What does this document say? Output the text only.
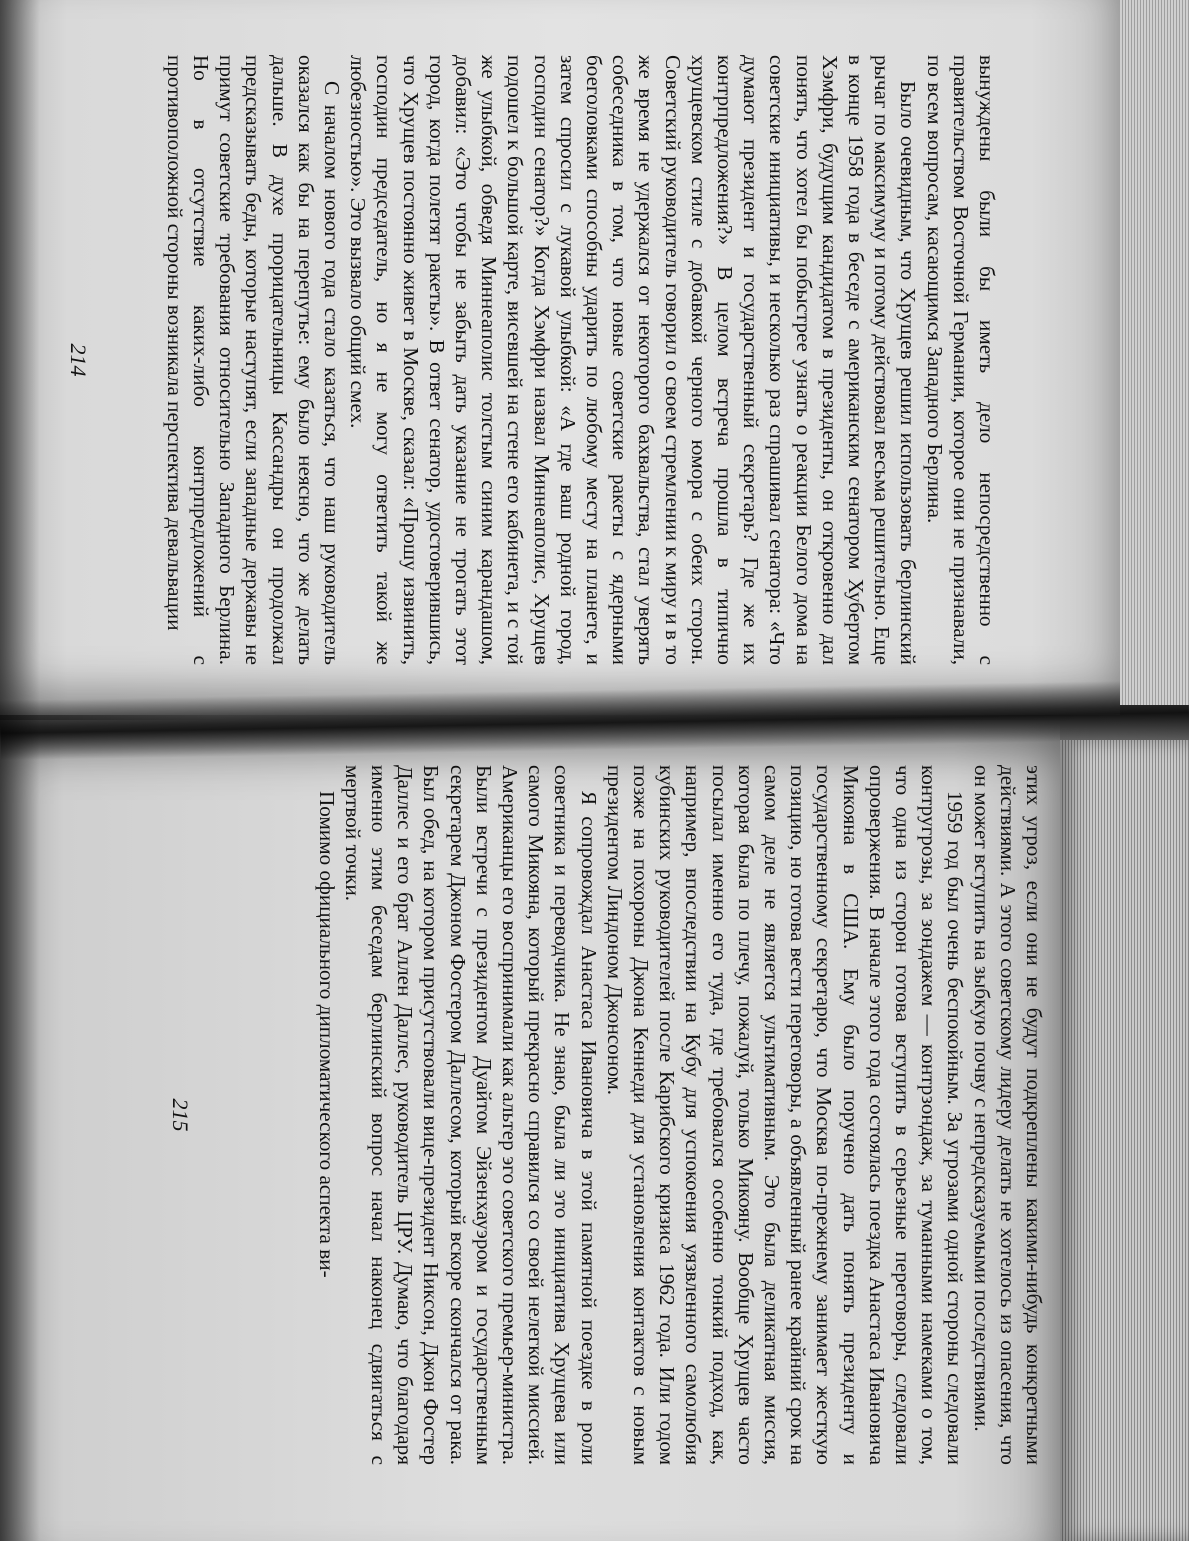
вынуждены были бы иметь дело непосредственно с правительством Восточной Германии, которое они не признавали, по всем вопросам, касающимся Западного Берлина.

Было очевидным, что Хрущев решил использовать берлинский рычаг по максимуму и потому действовал весьма решительно. Еще в конце 1958 года в беседе с американским сенатором Хубертом Хэмфри, будущим кандидатом в президенты, он откровенно дал понять, что хотел бы побыстрее узнать о реакции Белого дома на советские инициативы, и несколько раз спрашивал сенатора: «Что думают президент и государственный секретарь? Где же их контрпредложения?» В целом встреча прошла в типично хрущевском стиле с добавкой черного юмора с обеих сторон. Советский руководитель говорил о своем стремлении к миру и в то же время не удержался от некоторого бахвальства, стал уверять собеседника в том, что новые советские ракеты с ядерными боеголовками способны ударить по любому месту на планете, и затем спросил с лукавой улыбкой: «А где ваш родной город, господин сенатор?» Когда Хэмфри назвал Миннеаполис, Хрущев подошел к большой карте, висевшей на стене его кабинета, и с той же улыбкой, обведя Миннеаполис толстым синим карандашом, добавил: «Это чтобы не забыть дать указание не трогать этот город, когда полетят ракеты». В ответ сенатор, удостоверившись, что Хрущев постоянно живет в Москве, сказал: «Прошу извинить, господин председатель, но я не могу ответить такой же любезностью». Это вызвало общий смех.

С началом нового года стало казаться, что наш руководитель оказался как бы на перепутье: ему было неясно, что же делать дальше. В духе прорицательницы Кассандры он продолжал предсказывать беды, которые наступят, если западные державы не примут советские требования относительно Западного Берлина. Но в отсутствие каких-либо контрпредложений с противоположной стороны возникала перспектива девальвации

214

этих угроз, если они не будут подкреплены какими-нибудь конкретными действиями. А этого советскому лидеру делать не хотелось из опасения, что он может вступить на зыбкую почву с непредсказуемыми последствиями.

1959 год был очень беспокойным. За угрозами одной стороны следовали контругрозы, за зондажем — контрзондаж, за туманными намеками о том, что одна из сторон готова вступить в серьезные переговоры, следовали опровержения. В начале этого года состоялась поездка Анастаса Ивановича Микояна в США. Ему было поручено дать понять президенту и государственному секретарю, что Москва по-прежнему занимает жесткую позицию, но готова вести переговоры, а объявленный ранее крайний срок на самом деле не является ультимативным. Это была деликатная миссия, которая была по плечу, пожалуй, только Микояну. Вообще Хрущев часто посылал именно его туда, где требовался особенно тонкий подход, как, например, впоследствии на Кубу для успокоения уязвленного самолюбия кубинских руководителей после Карибского кризиса 1962 года. Или годом позже на похороны Джона Кеннеди для установления контактов с новым президентом Линдоном Джонсоном.

Я сопровождал Анастаса Ивановича в этой памятной поездке в роли советника и переводчика. Не знаю, была ли это инициатива Хрущева или самого Микояна, который прекрасно справился со своей нелегкой миссией. Американцы его воспринимали как альтер эго советского премьер-министра. Были встречи с президентом Дуайтом Эйзенхауэром и государственным секретарем Джоном Фостером Даллесом, который вскоре скончался от рака. Был обед, на котором присутствовали вице-президент Никсон, Джон Фостер Даллес и его брат Аллен Даллес, руководитель ЦРУ. Думаю, что благодаря именно этим беседам берлинский вопрос начал наконец сдвигаться с мертвой точки.

Помимо официального дипломатического аспекта ви-

215
